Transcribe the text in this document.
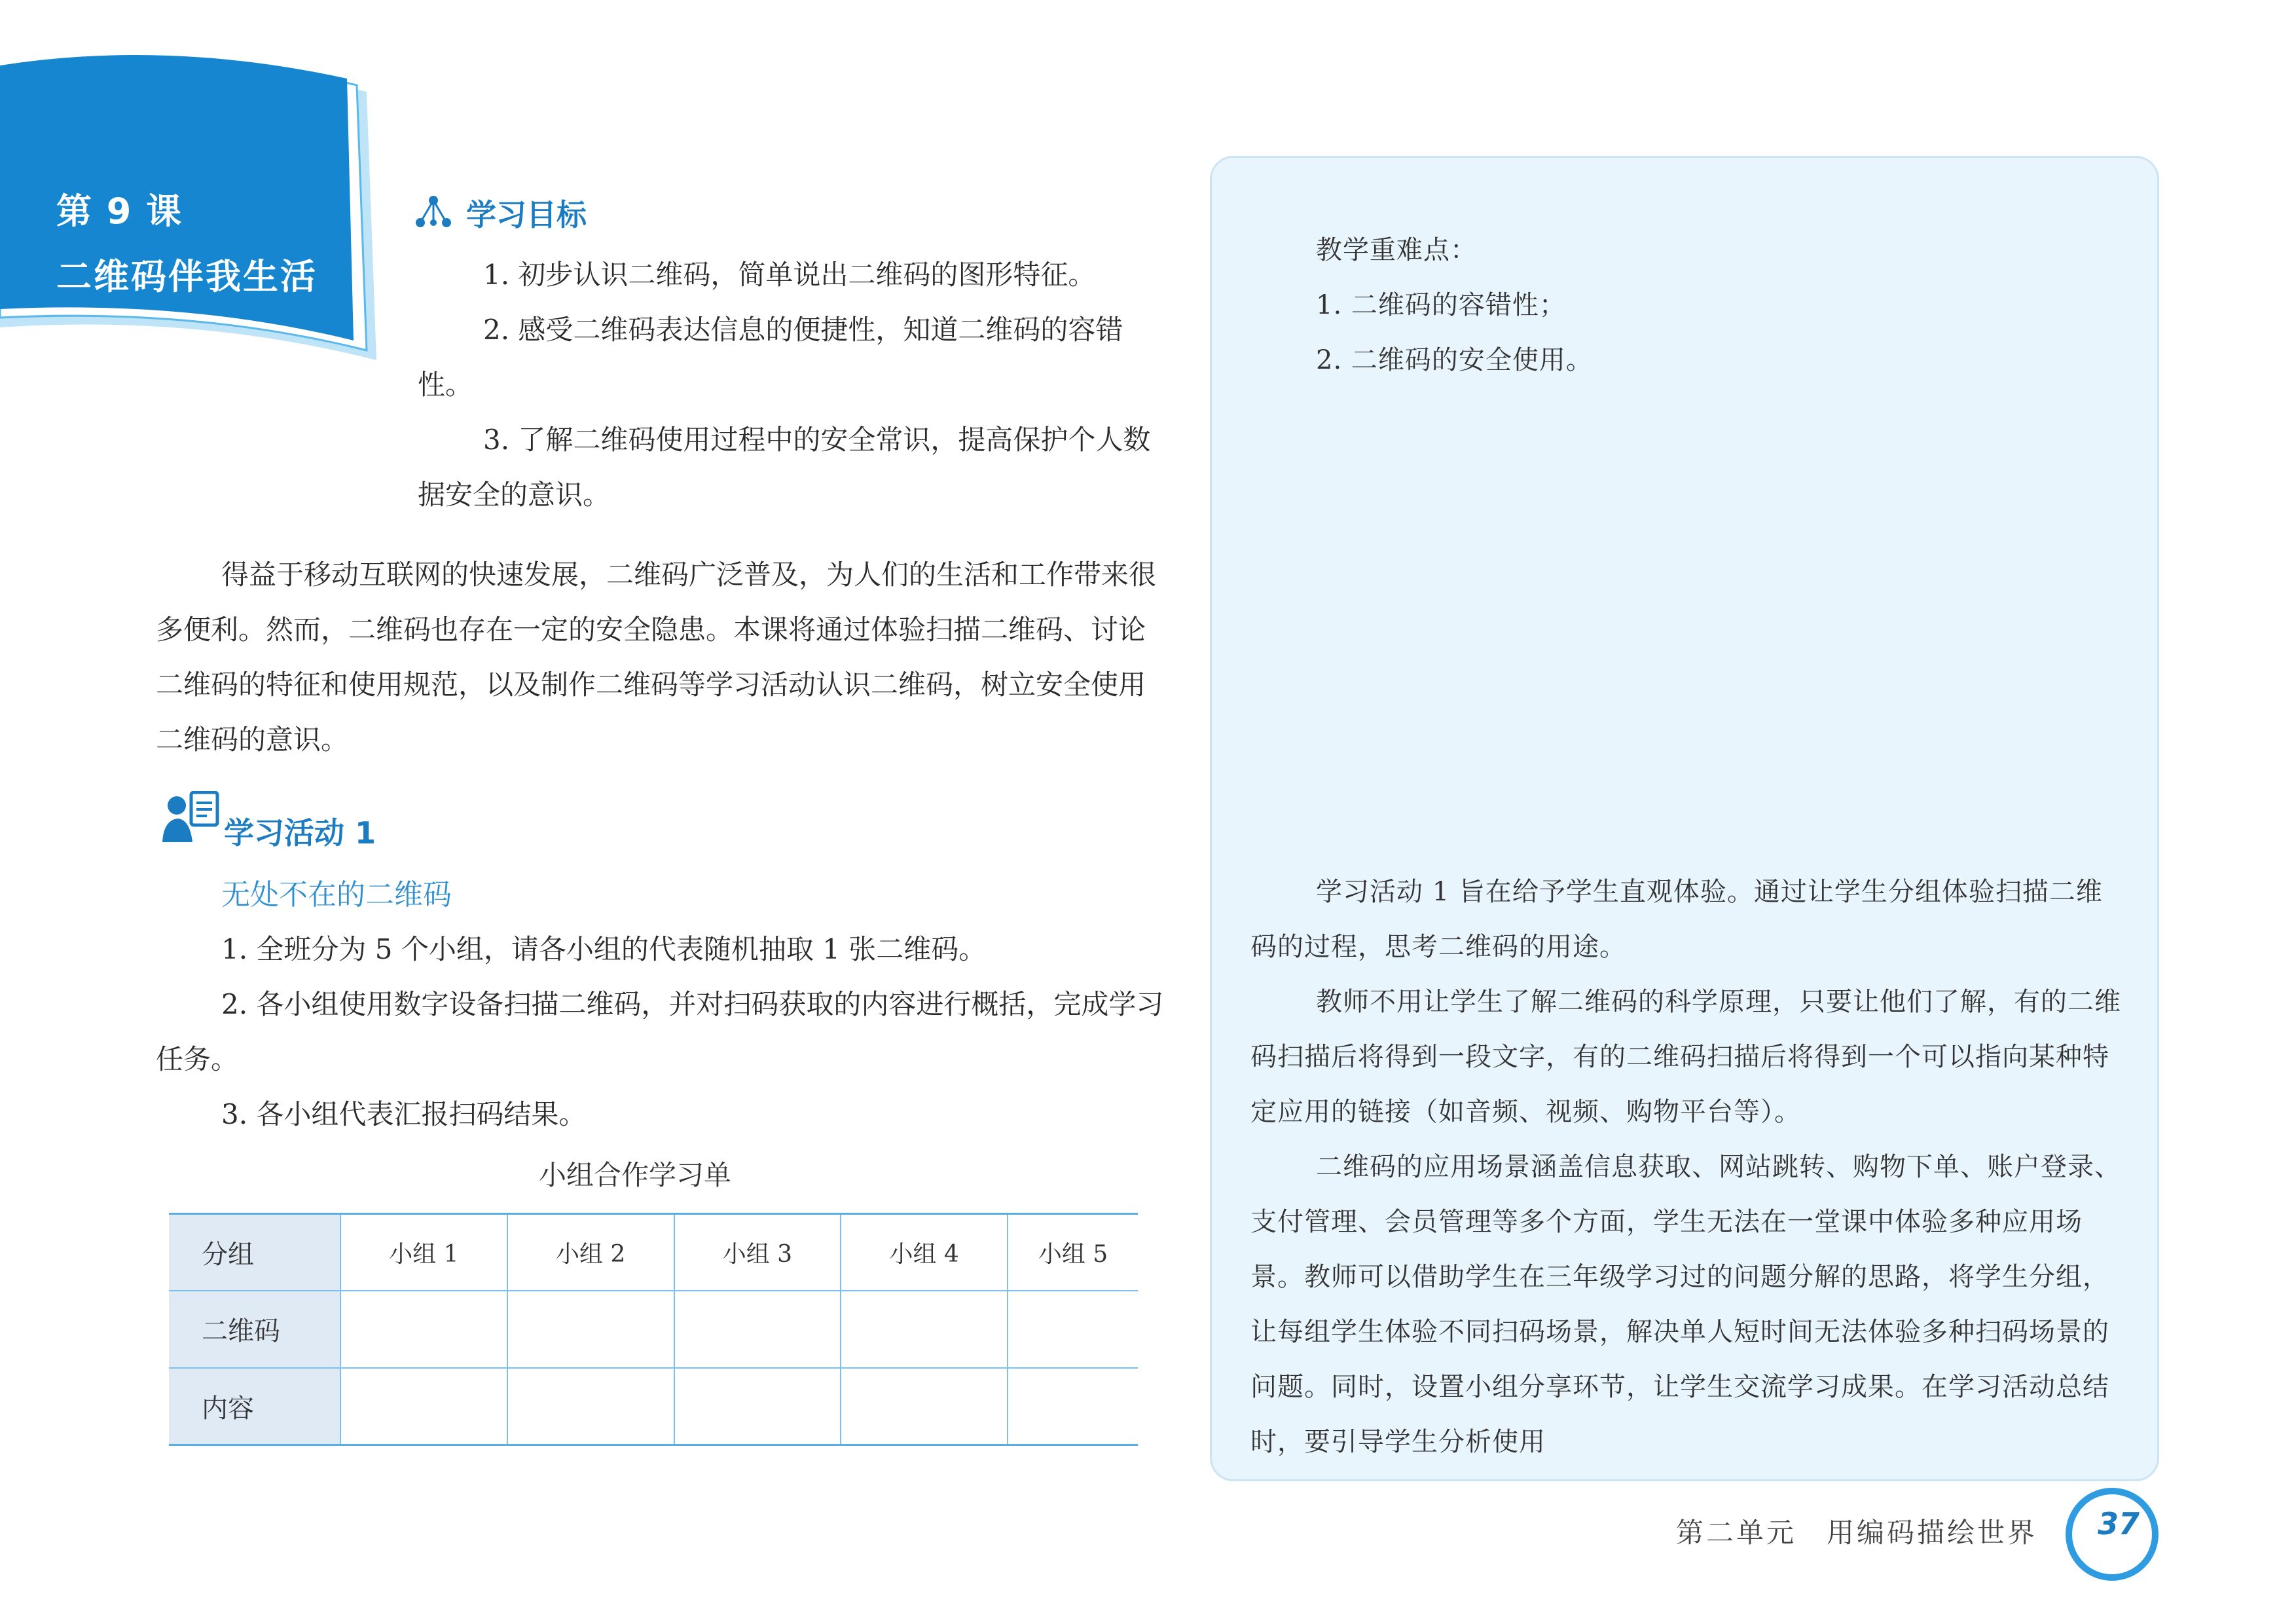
第 9 课
二维码伴我生活
学习目标

1. 初步认识二维码，简单说出二维码的图形特征。

2. 感受二维码表达信息的便捷性，知道二维码的容错性。

3. 了解二维码使用过程中的安全常识，提高保护个人数据安全的意识。

得益于移动互联网的快速发展，二维码广泛普及，为人们的生活和工作带来很多便利。然而，二维码也存在一定的安全隐患。本课将通过体验扫描二维码、讨论二维码的特征和使用规范，以及制作二维码等学习活动认识二维码，树立安全使用二维码的意识。

学习活动 1
无处不在的二维码

1. 全班分为 5 个小组，请各小组的代表随机抽取 1 张二维码。

2. 各小组使用数字设备扫描二维码，并对扫码获取的内容进行概括，完成学习任务。

3. 各小组代表汇报扫码结果。

小组合作学习单
分组	小组 1	小组 2	小组 3	小组 4	小组 5
二维码					
内容					

教学重难点：

1. 二维码的容错性；

2. 二维码的安全使用。

学习活动 1 旨在给予学生直观体验。通过让学生分组体验扫描二维码的过程，思考二维码的用途。

教师不用让学生了解二维码的科学原理，只要让他们了解，有的二维码扫描后将得到一段文字，有的二维码扫描后将得到一个可以指向某种特定应用的链接（如音频、视频、购物平台等）。

二维码的应用场景涵盖信息获取、网站跳转、购物下单、账户登录、支付管理、会员管理等多个方面，学生无法在一堂课中体验多种应用场景。教师可以借助学生在三年级学习过的问题分解的思路，将学生分组，让每组学生体验不同扫码场景，解决单人短时间无法体验多种扫码场景的问题。同时，设置小组分享环节，让学生交流学习成果。在学习活动总结时，要引导学生分析使用

第二单元　用编码描绘世界	37
